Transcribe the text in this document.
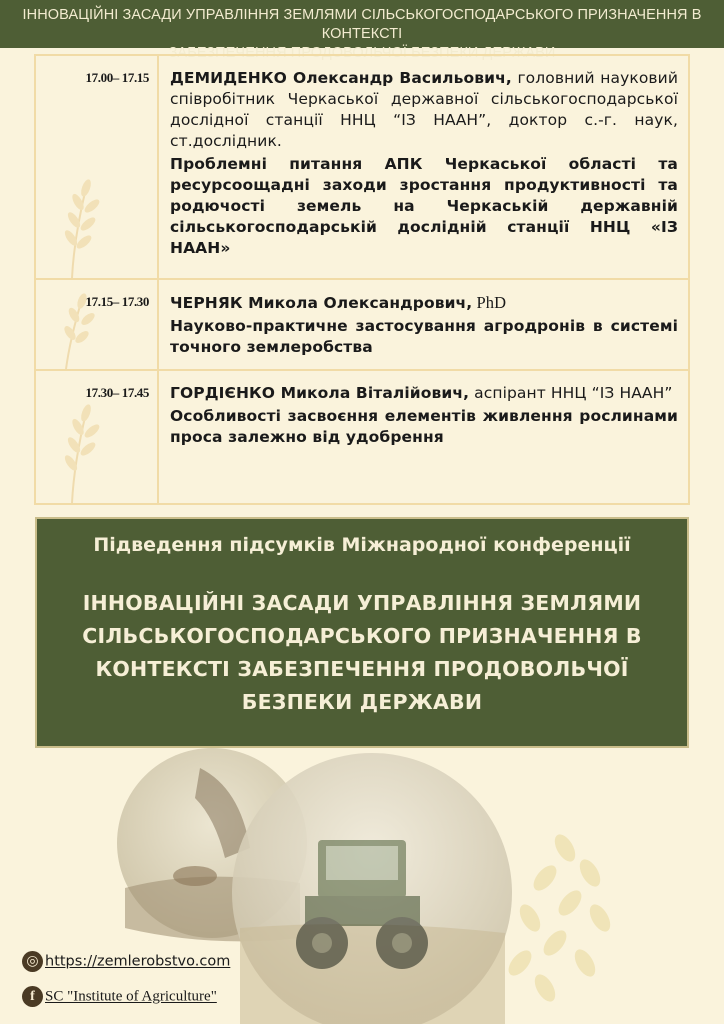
ІННОВАЦІЙНІ ЗАСАДИ УПРАВЛІННЯ ЗЕМЛЯМИ СІЛЬСЬКОГОСПОДАРСЬКОГО ПРИЗНАЧЕННЯ В КОНТЕКСТІ
ЗАБЕЗПЕЧЕННЯ ПРОДОВОЛЬЧОЇ БЕЗПЕКИ ДЕРЖАВИ
17.00– 17.15 ДЕМИДЕНКО Олександр Васильович, головний науковий співробітник Черкаської державної сільськогосподарської дослідної станції ННЦ “ІЗ НААН”, доктор с.-г. наук, ст.дослідник.
Проблемні питання АПК Черкаської області та ресурсоощадні заходи зростання продуктивності та родючості земель на Черкаській державній сільськогосподарській дослідній станції ННЦ «ІЗ НААН»
17.15– 17.30 ЧЕРНЯК Микола Олександрович, PhD
Науково-практичне застосування агродронів в системі точного землеробства
17.30– 17.45 ГОРДІЄНКО Микола Віталійович, аспірант ННЦ “ІЗ НААН”
Особливості засвоєння елементів живлення рослинами проса залежно від удобрення
Підведення підсумків Міжнародної конференції
ІННОВАЦІЙНІ ЗАСАДИ УПРАВЛІННЯ ЗЕМЛЯМИ
СІЛЬСЬКОГОСПОДАРСЬКОГО ПРИЗНАЧЕННЯ В
КОНТЕКСТІ ЗАБЕЗПЕЧЕННЯ ПРОДОВОЛЬЧОЇ
БЕЗПЕКИ ДЕРЖАВИ
◎ https://zemlerobstvo.com
f SC "Institute of Agriculture"
